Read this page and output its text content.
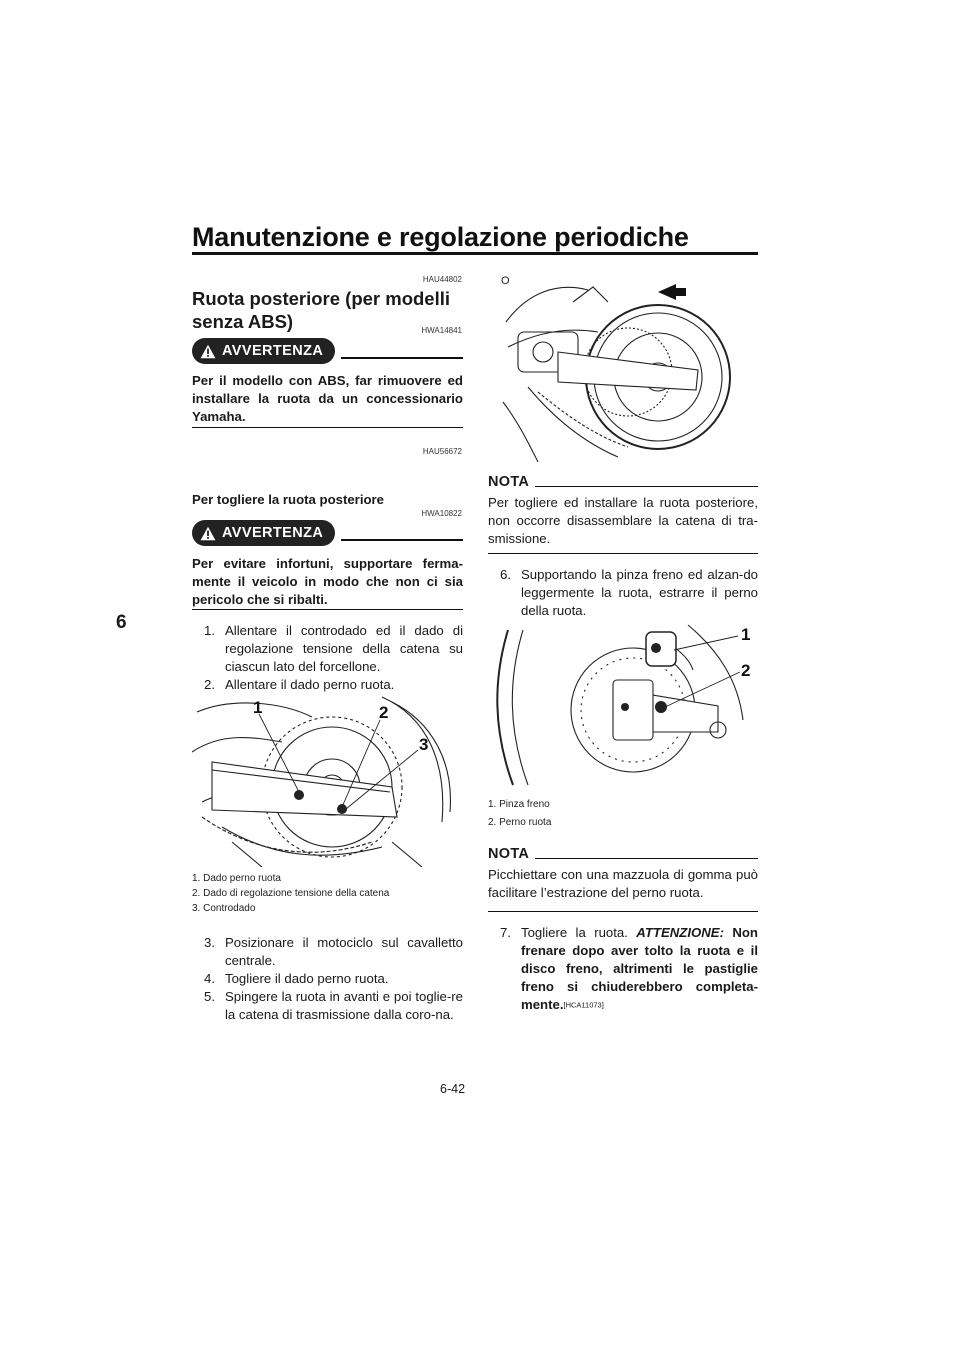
Manutenzione e regolazione periodiche
6
HAU44802
Ruota posteriore (per modelli senza ABS)	HWA14841
AVVERTENZA
Per il modello con ABS, far rimuovere ed installare la ruota da un concessionario Yamaha.
HAU56672
Per togliere la ruota posteriore
HWA10822
AVVERTENZA
Per evitare infortuni, supportare ferma-mente il veicolo in modo che non ci sia pericolo che si ribalti.
1. Allentare il controdado ed il dado di regolazione tensione della catena su ciascun lato del forcellone.
2. Allentare il dado perno ruota.
1	2
3
1. Dado perno ruota
2. Dado di regolazione tensione della catena
3. Controdado
3. Posizionare il motociclo sul cavalletto centrale.
4. Togliere il dado perno ruota.
5. Spingere la ruota in avanti e poi toglie-re la catena di trasmissione dalla coro-na.
O
NOTA
Per togliere ed installare la ruota posteriore, non occorre disassemblare la catena di tra-smissione.
6. Supportando la pinza freno ed alzan-do leggermente la ruota, estrarre il perno della ruota.
1
2
1. Pinza freno
2. Perno ruota
NOTA
Picchiettare con una mazzuola di gomma può facilitare l’estrazione del perno ruota.
7. Togliere la ruota. ATTENZIONE: Non frenare dopo aver tolto la ruota e il disco freno, altrimenti le pastiglie freno si chiuderebbero completa-mente.[HCA11073]
6-42
